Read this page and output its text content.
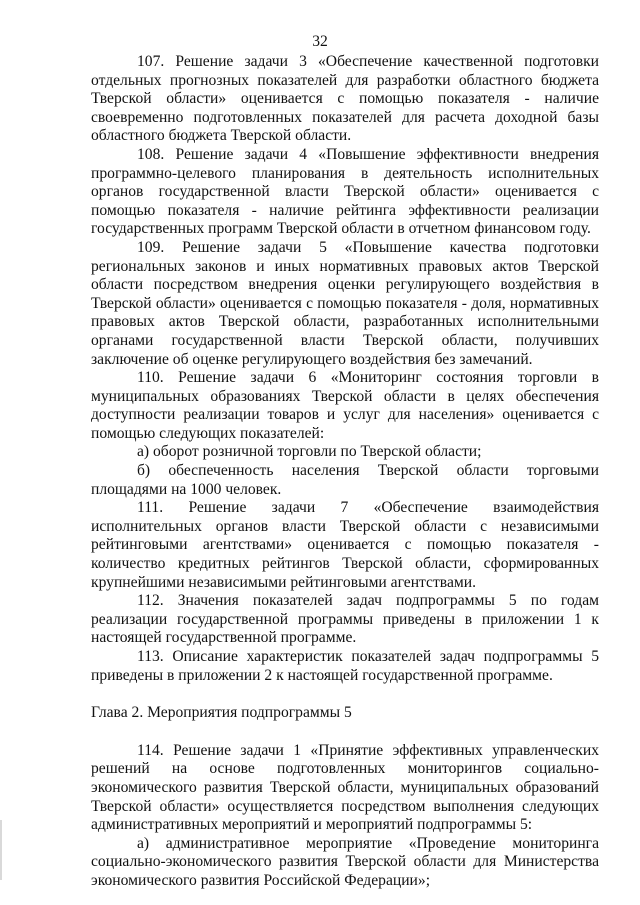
32

107. Решение задачи 3 «Обеспечение качественной подготовки отдельных прогнозных показателей для разработки областного бюджета Тверской области» оценивается с помощью показателя - наличие своевременно подготовленных показателей для расчета доходной базы областного бюджета Тверской области.

108. Решение задачи 4 «Повышение эффективности внедрения программно-целевого планирования в деятельность исполнительных органов государственной власти Тверской области» оценивается с помощью показателя - наличие рейтинга эффективности реализации государственных программ Тверской области в отчетном финансовом году.

109. Решение задачи 5 «Повышение качества подготовки региональных законов и иных нормативных правовых актов Тверской области посредством внедрения оценки регулирующего воздействия в Тверской области» оценивается с помощью показателя - доля, нормативных правовых актов Тверской области, разработанных исполнительными органами государственной власти Тверской области, получивших заключение об оценке регулирующего воздействия без замечаний.

110. Решение задачи 6 «Мониторинг состояния торговли в муниципальных образованиях Тверской области в целях обеспечения доступности реализации товаров и услуг для населения» оценивается с помощью следующих показателей:

а) оборот розничной торговли по Тверской области;

б) обеспеченность населения Тверской области торговыми площадями на 1000 человек.

111. Решение задачи 7 «Обеспечение взаимодействия исполнительных органов власти Тверской области с независимыми рейтинговыми агентствами» оценивается с помощью показателя - количество кредитных рейтингов Тверской области, сформированных крупнейшими независимыми рейтинговыми агентствами.

112. Значения показателей задач подпрограммы 5 по годам реализации государственной программы приведены в приложении 1 к настоящей государственной программе.

113. Описание характеристик показателей задач подпрограммы 5 приведены в приложении 2 к настоящей государственной программе.

Глава 2. Мероприятия подпрограммы 5

114. Решение задачи 1 «Принятие эффективных управленческих решений на основе подготовленных мониторингов социально-экономического развития Тверской области, муниципальных образований Тверской области» осуществляется посредством выполнения следующих административных мероприятий и мероприятий подпрограммы 5:

а) административное мероприятие «Проведение мониторинга социально-экономического развития Тверской области для Министерства экономического развития Российской Федерации»;
